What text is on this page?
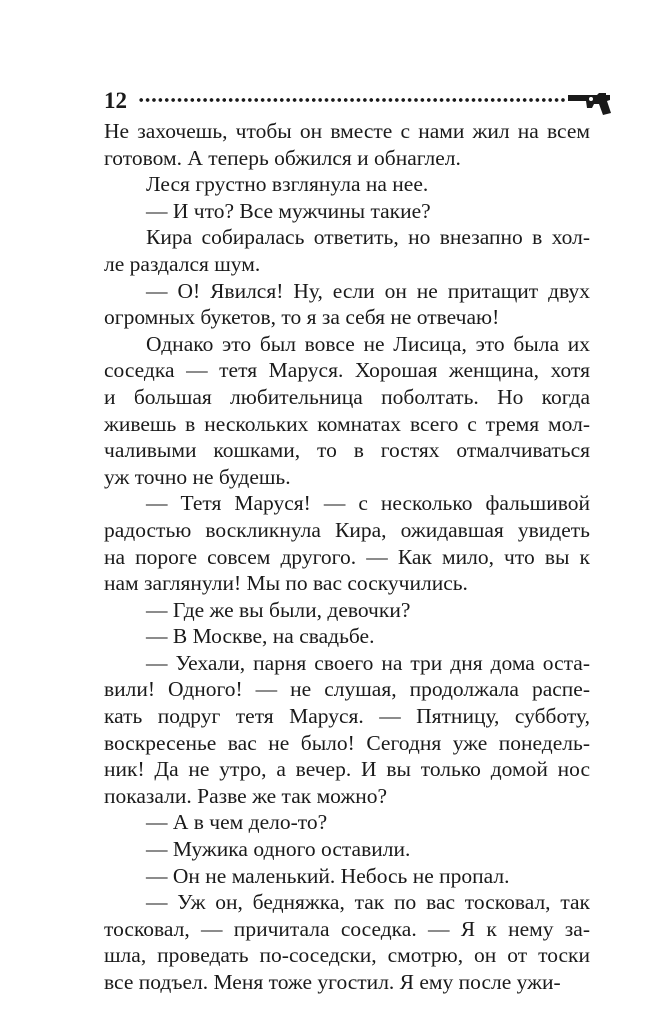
12
Не захочешь, чтобы он вместе с нами жил на всем
готовом. А теперь обжился и обнаглел.
Леся грустно взглянула на нее.
— И что? Все мужчины такие?
Кира собиралась ответить, но внезапно в хол-
ле раздался шум.
— О! Явился! Ну, если он не притащит двух
огромных букетов, то я за себя не отвечаю!
Однако это был вовсе не Лисица, это была их
соседка — тетя Маруся. Хорошая женщина, хотя
и большая любительница поболтать. Но когда
живешь в нескольких комнатах всего с тремя мол-
чаливыми кошками, то в гостях отмалчиваться
уж точно не будешь.
— Тетя Маруся! — с несколько фальшивой
радостью воскликнула Кира, ожидавшая увидеть
на пороге совсем другого. — Как мило, что вы к
нам заглянули! Мы по вас соскучились.
— Где же вы были, девочки?
— В Москве, на свадьбе.
— Уехали, парня своего на три дня дома оста-
вили! Одного! — не слушая, продолжала распе-
кать подруг тетя Маруся. — Пятницу, субботу,
воскресенье вас не было! Сегодня уже понедель-
ник! Да не утро, а вечер. И вы только домой нос
показали. Разве же так можно?
— А в чем дело-то?
— Мужика одного оставили.
— Он не маленький. Небось не пропал.
— Уж он, бедняжка, так по вас тосковал, так
тосковал, — причитала соседка. — Я к нему за-
шла, проведать по-соседски, смотрю, он от тоски
все подъел. Меня тоже угостил. Я ему после ужи-
